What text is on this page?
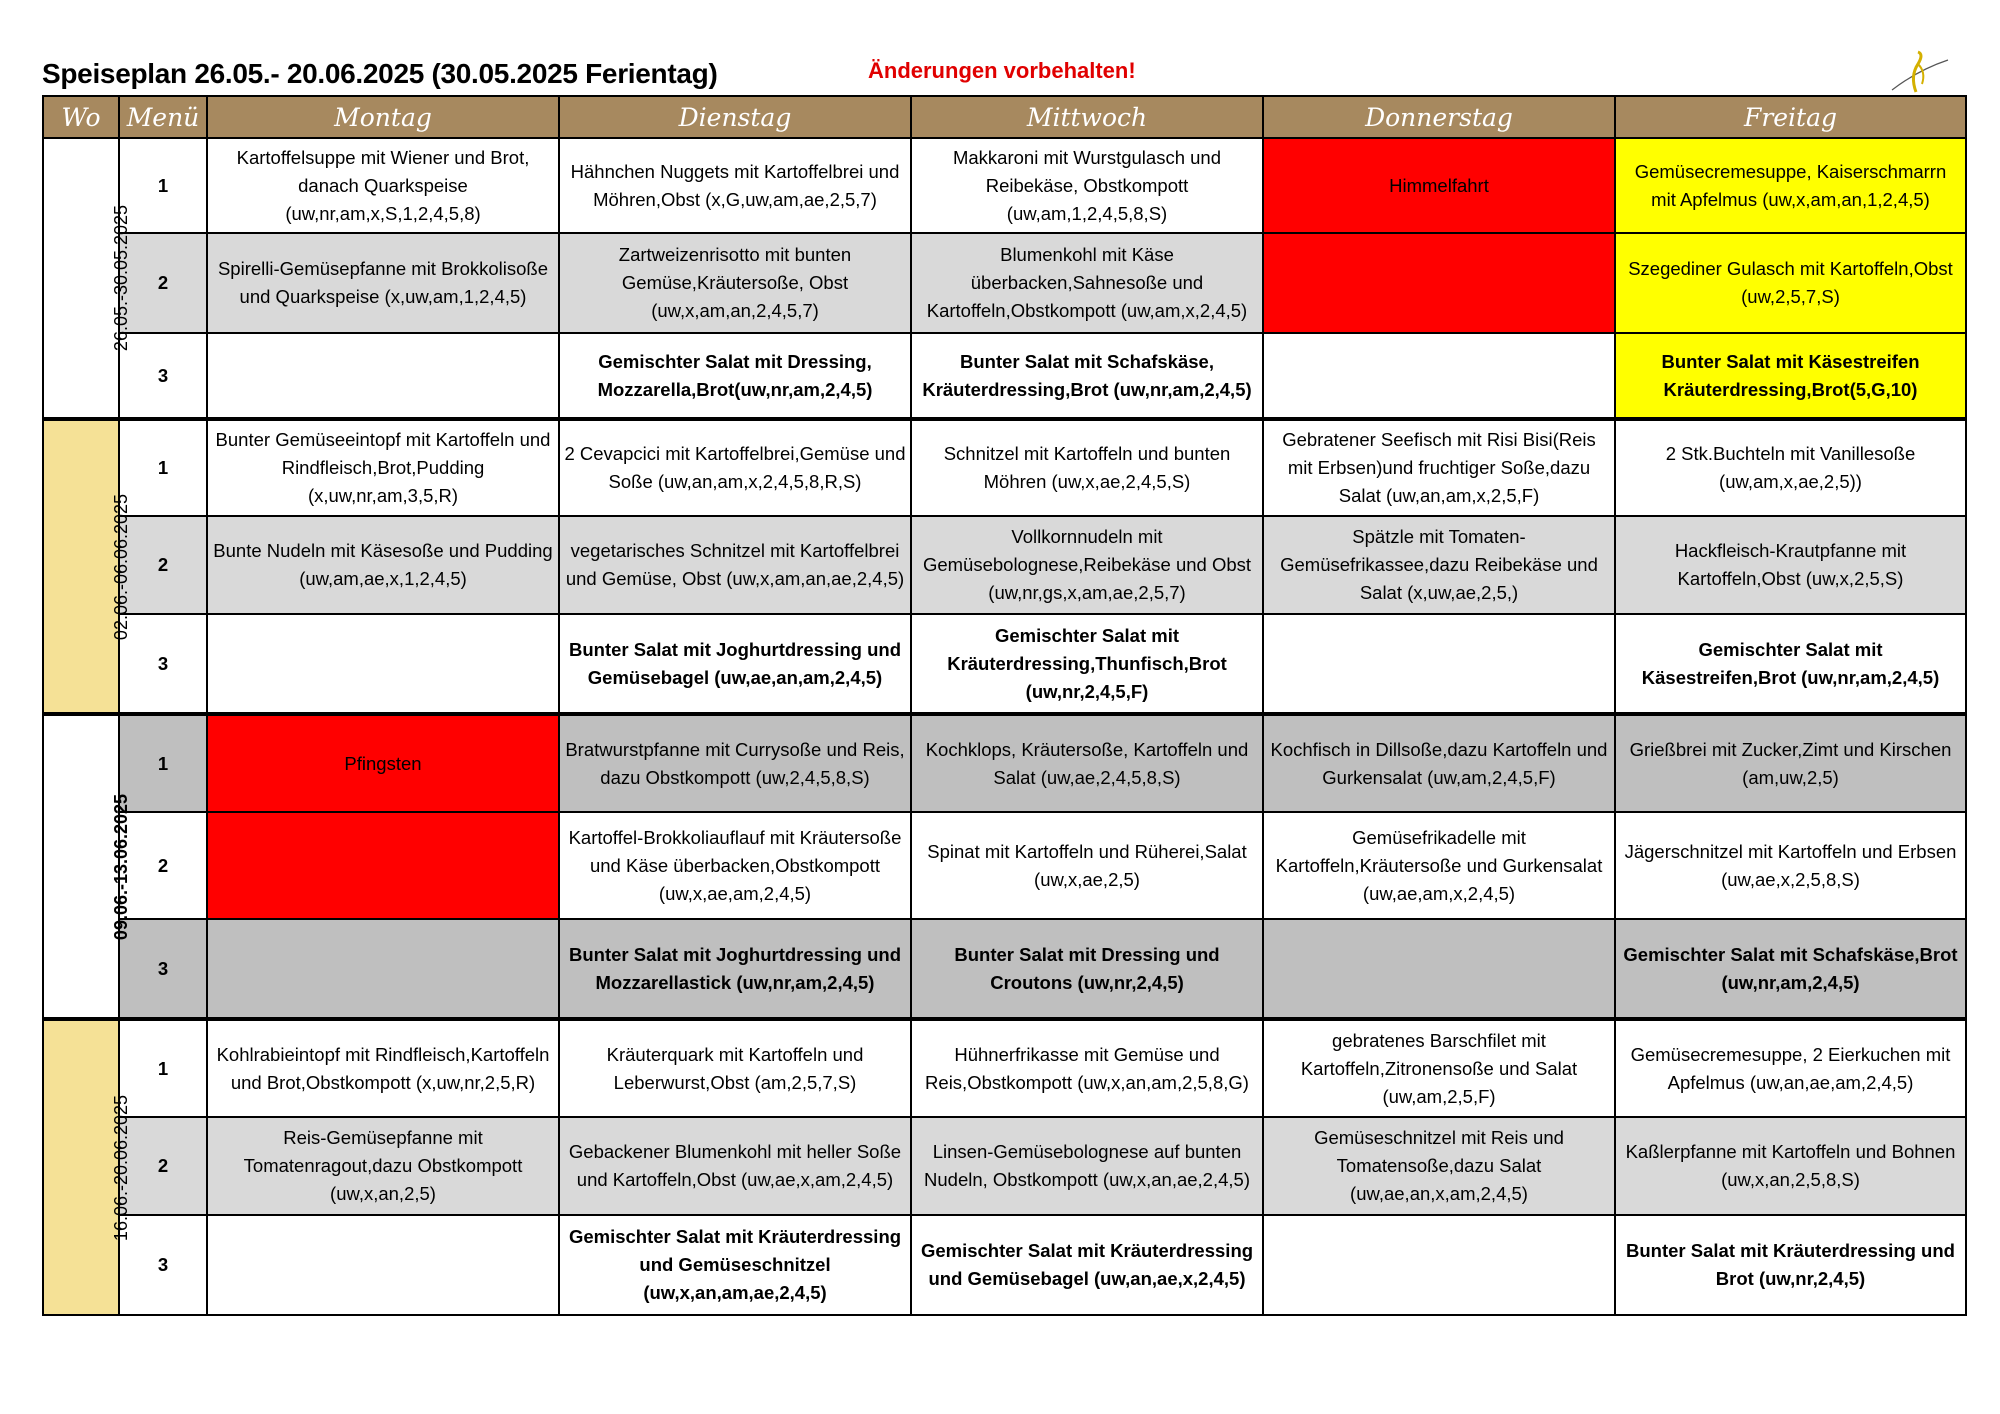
Speiseplan 26.05.- 20.06.2025 (30.05.2025 Ferientag)	Änderungen vorbehalten!
Wo	Menü	Montag	Dienstag	Mittwoch	Donnerstag	Freitag
26.05.-30.05.2025	1	Kartoffelsuppe mit Wiener und Brot, danach Quarkspeise (uw,nr,am,x,S,1,2,4,5,8)	Hähnchen Nuggets mit Kartoffelbrei und Möhren,Obst (x,G,uw,am,ae,2,5,7)	Makkaroni mit Wurstgulasch und Reibekäse, Obstkompott (uw,am,1,2,4,5,8,S)	Himmelfahrt	Gemüsecremesuppe, Kaiserschmarrn mit Apfelmus (uw,x,am,an,1,2,4,5)
	2	Spirelli-Gemüsepfanne mit Brokkolisoße und Quarkspeise (x,uw,am,1,2,4,5)	Zartweizenrisotto mit bunten Gemüse,Kräutersoße, Obst (uw,x,am,an,2,4,5,7)	Blumenkohl mit Käse überbacken,Sahnesoße und Kartoffeln,Obstkompott (uw,am,x,2,4,5)		Szegediner Gulasch mit Kartoffeln,Obst (uw,2,5,7,S)
	3		Gemischter Salat mit Dressing, Mozzarella,Brot(uw,nr,am,2,4,5)	Bunter Salat mit Schafskäse, Kräuterdressing,Brot (uw,nr,am,2,4,5)		Bunter Salat mit Käsestreifen Kräuterdressing,Brot(5,G,10)
02.06.-06.06.2025	1	Bunter Gemüseeintopf mit Kartoffeln und Rindfleisch,Brot,Pudding (x,uw,nr,am,3,5,R)	2 Cevapcici mit Kartoffelbrei,Gemüse und Soße (uw,an,am,x,2,4,5,8,R,S)	Schnitzel mit Kartoffeln und bunten Möhren (uw,x,ae,2,4,5,S)	Gebratener Seefisch mit Risi Bisi(Reis mit Erbsen)und fruchtiger Soße,dazu Salat (uw,an,am,x,2,5,F)	2 Stk.Buchteln mit Vanillesoße (uw,am,x,ae,2,5))
	2	Bunte Nudeln mit Käsesoße und Pudding (uw,am,ae,x,1,2,4,5)	vegetarisches Schnitzel mit Kartoffelbrei und Gemüse, Obst (uw,x,am,an,ae,2,4,5)	Vollkornnudeln mit Gemüsebolognese,Reibekäse und Obst (uw,nr,gs,x,am,ae,2,5,7)	Spätzle mit Tomaten-Gemüsefrikassee,dazu Reibekäse und Salat (x,uw,ae,2,5,)	Hackfleisch-Krautpfanne mit Kartoffeln,Obst (uw,x,2,5,S)
	3		Bunter Salat mit Joghurtdressing und Gemüsebagel (uw,ae,an,am,2,4,5)	Gemischter Salat mit Kräuterdressing,Thunfisch,Brot (uw,nr,2,4,5,F)		Gemischter Salat mit Käsestreifen,Brot (uw,nr,am,2,4,5)
09.06.-13.06.2025	1	Pfingsten	Bratwurstpfanne mit Currysoße und Reis, dazu Obstkompott (uw,2,4,5,8,S)	Kochklops, Kräutersoße, Kartoffeln und Salat (uw,ae,2,4,5,8,S)	Kochfisch in Dillsoße,dazu Kartoffeln und Gurkensalat (uw,am,2,4,5,F)	Grießbrei mit Zucker,Zimt und Kirschen (am,uw,2,5)
	2		Kartoffel-Brokkoliauflauf mit Kräutersoße und Käse überbacken,Obstkompott (uw,x,ae,am,2,4,5)	Spinat mit Kartoffeln und Rüherei,Salat (uw,x,ae,2,5)	Gemüsefrikadelle mit Kartoffeln,Kräutersoße und Gurkensalat (uw,ae,am,x,2,4,5)	Jägerschnitzel mit Kartoffeln und Erbsen (uw,ae,x,2,5,8,S)
	3		Bunter Salat mit Joghurtdressing und Mozzarellastick (uw,nr,am,2,4,5)	Bunter Salat mit Dressing und Croutons (uw,nr,2,4,5)		Gemischter Salat mit Schafskäse,Brot (uw,nr,am,2,4,5)
16.06.-20.06.2025	1	Kohlrabieintopf mit Rindfleisch,Kartoffeln und Brot,Obstkompott (x,uw,nr,2,5,R)	Kräuterquark mit Kartoffeln und Leberwurst,Obst (am,2,5,7,S)	Hühnerfrikasse mit Gemüse und Reis,Obstkompott (uw,x,an,am,2,5,8,G)	gebratenes Barschfilet mit Kartoffeln,Zitronensoße und Salat (uw,am,2,5,F)	Gemüsecremesuppe, 2 Eierkuchen mit Apfelmus (uw,an,ae,am,2,4,5)
	2	Reis-Gemüsepfanne mit Tomatenragout,dazu Obstkompott (uw,x,an,2,5)	Gebackener Blumenkohl mit heller Soße und Kartoffeln,Obst (uw,ae,x,am,2,4,5)	Linsen-Gemüsebolognese auf bunten Nudeln, Obstkompott (uw,x,an,ae,2,4,5)	Gemüseschnitzel mit Reis und Tomatensoße,dazu Salat (uw,ae,an,x,am,2,4,5)	Kaßlerpfanne mit Kartoffeln und Bohnen (uw,x,an,2,5,8,S)
	3		Gemischter Salat mit Kräuterdressing und Gemüseschnitzel (uw,x,an,am,ae,2,4,5)	Gemischter Salat mit Kräuterdressing und Gemüsebagel (uw,an,ae,x,2,4,5)		Bunter Salat mit Kräuterdressing und Brot (uw,nr,2,4,5)
